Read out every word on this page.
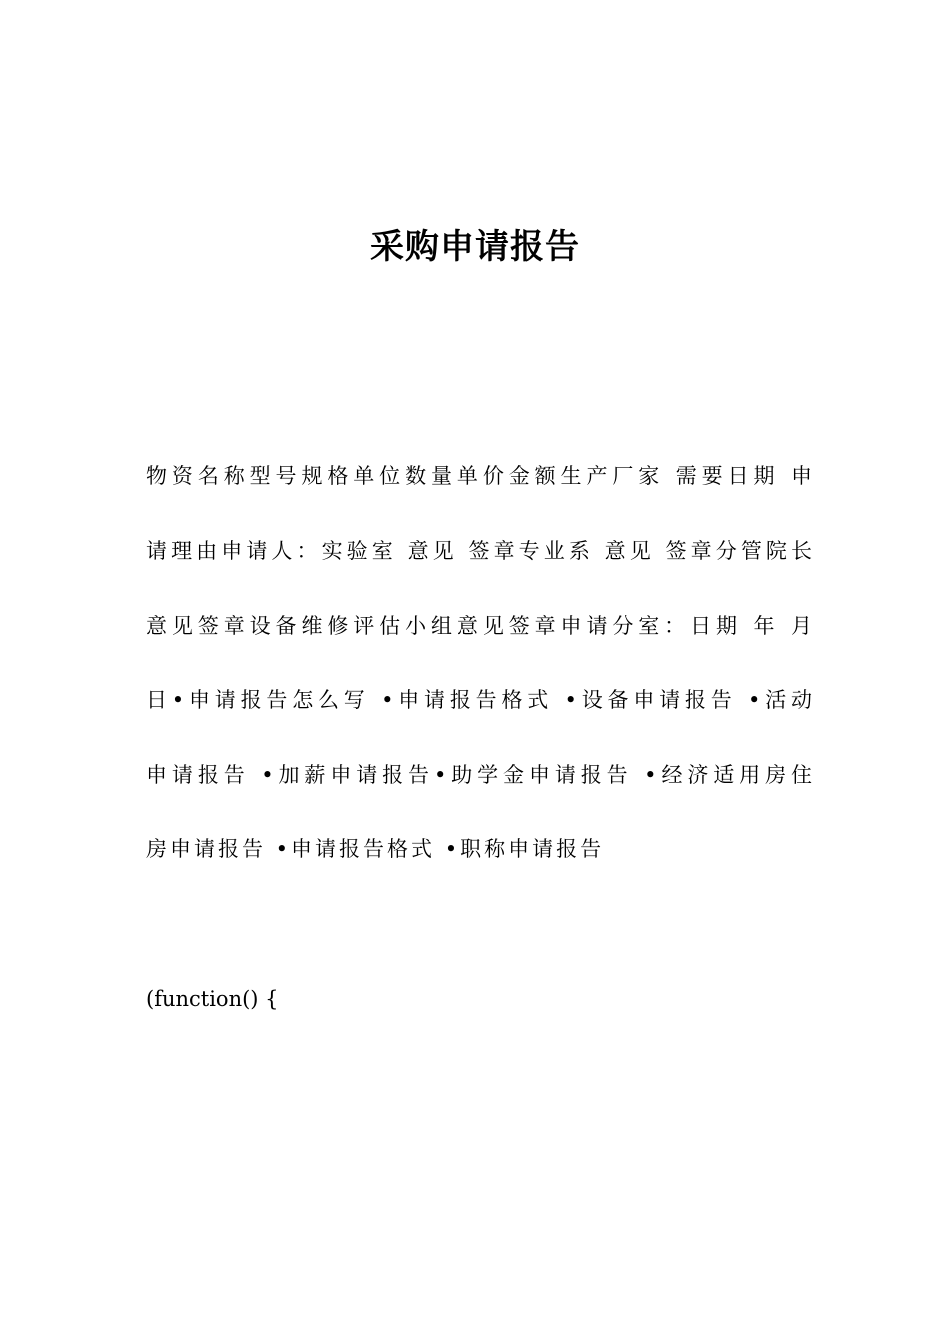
采购申请报告
物资名称型号规格单位数量单价金额生产厂家 需要日期 申
请理由申请人：实验室 意见 签章专业系 意见 签章分管院长
意见签章设备维修评估小组意见签章申请分室：日期 年 月
日•申请报告怎么写 •申请报告格式 •设备申请报告 •活动
申请报告 •加薪申请报告•助学金申请报告 •经济适用房住
房申请报告 •申请报告格式 •职称申请报告
(function() {
